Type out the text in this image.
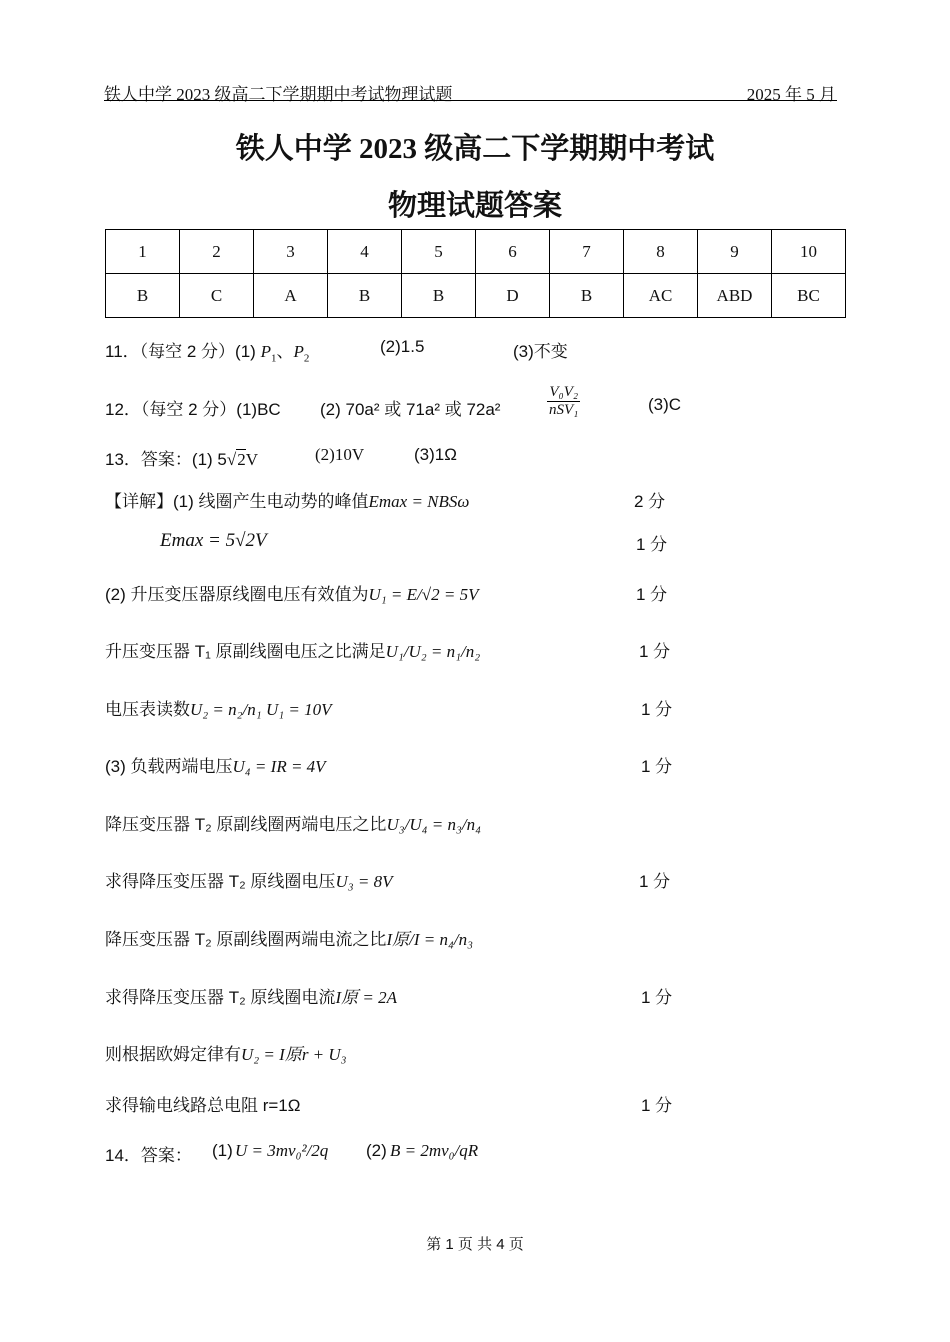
铁人中学 2023 级高二下学期期中考试物理试题	2025 年 5 月
铁人中学 2023 级高二下学期期中考试
物理试题答案
1	2	3	4	5	6	7	8	9	10
B	C	A	B	B	D	B	AC	ABD	BC
11．（每空 2 分）(1) $P_1$、$P_2$
(2)1.5	(3)不变
12．（每空 2 分）(1)BC (2) 70a² 或 71a² 或 72a²
V₀V₂
nSV₁	(3)C
13．答案：(1) 5√2V	(2)10V	(3)1Ω
【详解】(1) 线圈产生电动势的峰值Emax = NBSω	2 分
Emax = 5√2V	1 分
(2) 升压变压器原线圈电压有效值为U₁ = E/√2 = 5V	1 分
升压变压器 T₁ 原副线圈电压之比满足U₁/U₂ = n₁/n₂	1 分
电压表读数U₂ = n₂/n₁ U₁ = 10V	1 分
(3) 负载两端电压U₄ = IR = 4V	1 分
降压变压器 T₂ 原副线圈两端电压之比U₃/U₄ = n₃/n₄
求得降压变压器 T₂ 原线圈电压U₃ = 8V	1 分
降压变压器 T₂ 原副线圈两端电流之比I原/I = n₄/n₃
求得降压变压器 T₂ 原线圈电流I原 = 2A	1 分
则根据欧姆定律有U₂ = I原r + U₃
求得输电线路总电阻 r=1Ω	1 分
14．答案： (1) U = 3mv₀²/2q (2) B = 2mv₀/qR
第 1 页 共 4 页
